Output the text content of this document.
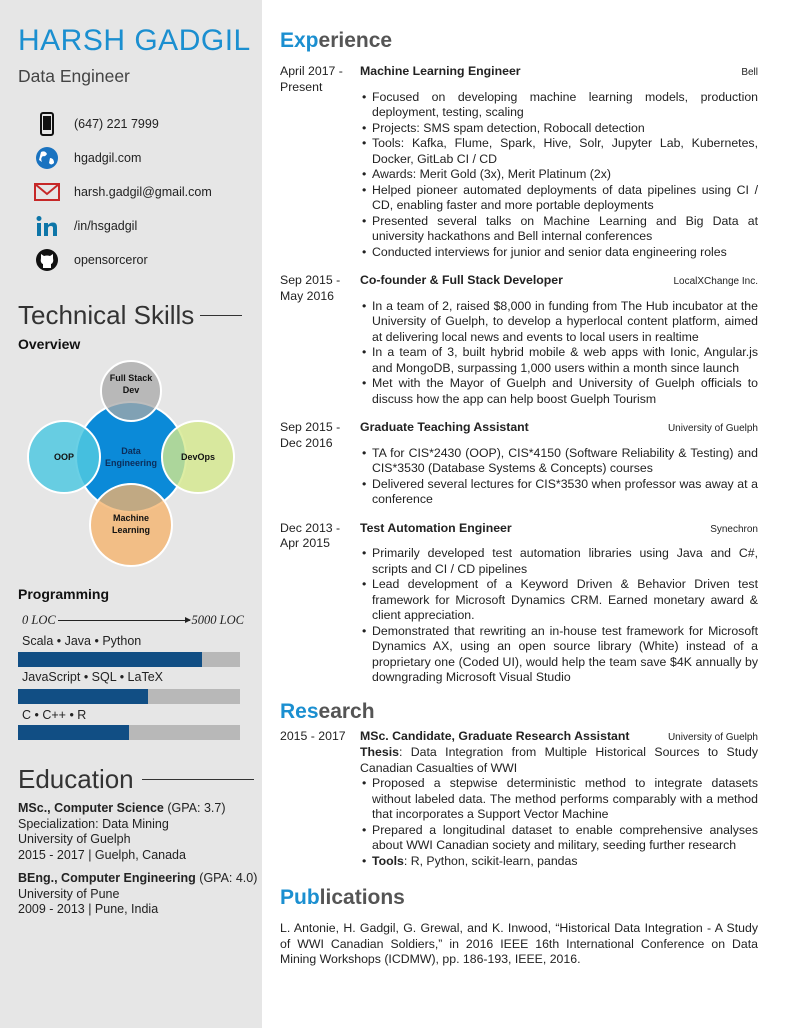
HARSH GADGIL
Data Engineer
(647) 221 7999
hgadgil.com
harsh.gadgil@gmail.com
/in/hsgadgil
opensorceror
Technical Skills
Overview
Full Stack Dev
Data Engineering
OOP	DevOps
Machine Learning
Programming
0 LOC	5000 LOC
Scala • Java • Python
JavaScript • SQL • LaTeX
C • C++ • R
Education
MSc., Computer Science (GPA: 3.7)
Specialization: Data Mining
University of Guelph
2015 - 2017 | Guelph, Canada
BEng., Computer Engineering (GPA: 4.0)
University of Pune
2009 - 2013 | Pune, India
Experience
April 2017 -
Present
Machine Learning Engineer	Bell
• Focused on developing machine learning models, production deployment, testing, scaling
• Projects: SMS spam detection, Robocall detection
• Tools: Kafka, Flume, Spark, Hive, Solr, Jupyter Lab, Kubernetes, Docker, GitLab CI / CD
• Awards: Merit Gold (3x), Merit Platinum (2x)
• Helped pioneer automated deployments of data pipelines using CI / CD, enabling faster and more portable deployments
• Presented several talks on Machine Learning and Big Data at university hackathons and Bell internal conferences
• Conducted interviews for junior and senior data engineering roles
Sep 2015 -
May 2016
Co-founder & Full Stack Developer	LocalXChange Inc.
• In a team of 2, raised $8,000 in funding from The Hub incubator at the University of Guelph, to develop a hyperlocal content platform, aimed at delivering local news and events to local users in realtime
• In a team of 3, built hybrid mobile & web apps with Ionic, Angular.js and MongoDB, surpassing 1,000 users within a month since launch
• Met with the Mayor of Guelph and University of Guelph officials to discuss how the app can help boost Guelph Tourism
Sep 2015 -
Dec 2016
Graduate Teaching Assistant	University of Guelph
• TA for CIS*2430 (OOP), CIS*4150 (Software Reliability & Testing) and CIS*3530 (Database Systems & Concepts) courses
• Delivered several lectures for CIS*3530 when professor was away at a conference
Dec 2013 -
Apr 2015
Test Automation Engineer	Synechron
• Primarily developed test automation libraries using Java and C#, scripts and CI / CD pipelines
• Lead development of a Keyword Driven & Behavior Driven test framework for Microsoft Dynamics CRM. Earned monetary award & client appreciation.
• Demonstrated that rewriting an in-house test framework for Microsoft Dynamics AX, using an open source library (White) instead of a proprietary one (Coded UI), would help the team save $4K annually by downgrading Microsoft Visual Studio
Research
2015 - 2017	MSc. Candidate, Graduate Research Assistant	University of Guelph
Thesis: Data Integration from Multiple Historical Sources to Study Canadian Casualties of WWI
• Proposed a stepwise deterministic method to integrate datasets without labeled data. The method performs comparably with a method that incorporates a Support Vector Machine
• Prepared a longitudinal dataset to enable comprehensive analyses about WWI Canadian society and military, seeding further research
• Tools: R, Python, scikit-learn, pandas
Publications
L. Antonie, H. Gadgil, G. Grewal, and K. Inwood, “Historical Data Integration - A Study of WWI Canadian Soldiers,” in 2016 IEEE 16th International Conference on Data Mining Workshops (ICDMW), pp. 186-193, IEEE, 2016.
